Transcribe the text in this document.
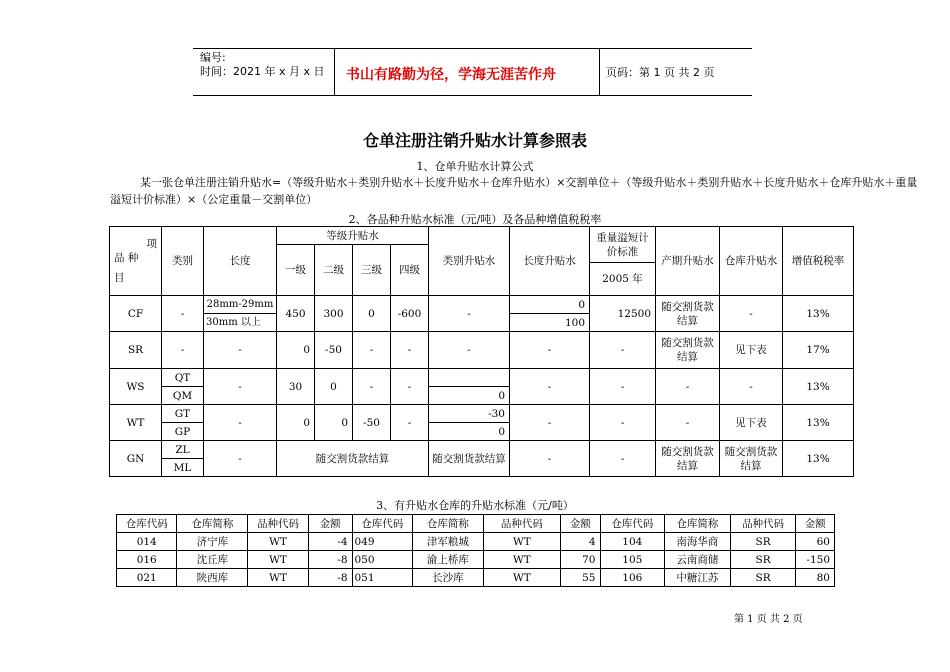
编号:
时间：2021 年 x 月 x 日 书山有路勤为径，学海无涯苦作舟	页码：第 1 页 共 2 页
仓单注册注销升贴水计算参照表
1、仓单升贴水计算公式
某一张仓单注册注销升贴水=（等级升贴水＋类别升贴水＋长度升贴水＋仓库升贴水）×交割单位＋（等级升贴水＋类别升贴水＋长度升贴水＋仓库升贴水＋重量
溢短计价标准）×（公定重量－交割单位）
2、各品种升贴水标准（元/吨）及各品种增值税税率
项
品 种
目	类别	长度	等级升贴水				类别升贴水	长度升贴水	重量溢短计价标准	产期升贴水	仓库升贴水	增值税税率
			一级	二级	三级	四级						
									2005 年			
CF	-	28mm-29mm	450	300	0	-600	-	0	12500	随交割货款结算	-	13%
		30mm 以上						100				
SR	-	-	0	-50	-	-	-	-	-	随交割货款结算	见下表	17%
WS	QT	-	30	0	-	-		-	-	-	-	13%
	QM						0					
WT	GT	-	0	0	-50	-	-30	-	-	-	见下表	13%
	GP						0					
GN	ZL	-	随交割货款结算				随交割货款结算	-	-	随交割货款结算	随交割货款结算	13%
	ML											
3、有升贴水仓库的升贴水标准（元/吨）
仓库代码	仓库简称	品种代码	金额	仓库代码	仓库简称	品种代码	金额	仓库代码	仓库简称	品种代码	金额
014	济宁库	WT	-4	049	津军粮城	WT	4	104	南海华商	SR	60
016	沈丘库	WT	-8	050	渝上桥库	WT	70	105	云南商储	SR	-150
021	陕西库	WT	-8	051	长沙库	WT	55	106	中糖江苏	SR	80
第 1 页 共 2 页
